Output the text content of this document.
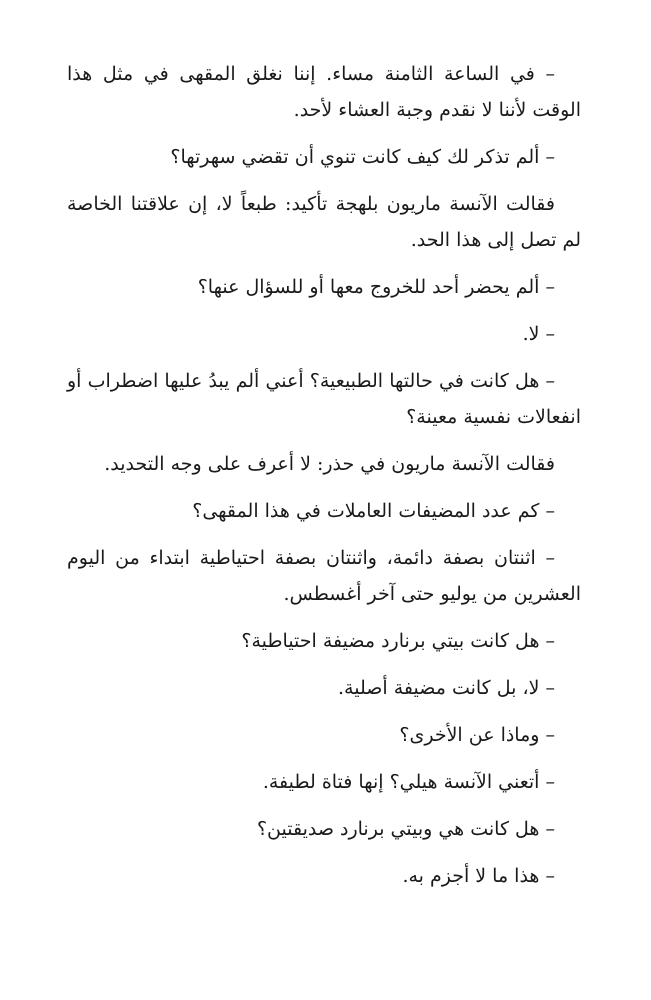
– في الساعة الثامنة مساء. إننا نغلق المقهى في مثل هذا الوقت لأننا لا نقدم وجبة العشاء لأحد.

– ألم تذكر لك كيف كانت تنوي أن تقضي سهرتها؟

فقالت الآنسة ماريون بلهجة تأكيد: طبعاً لا، إن علاقتنا الخاصة لم تصل إلى هذا الحد.

– ألم يحضر أحد للخروج معها أو للسؤال عنها؟

– لا.

– هل كانت في حالتها الطبيعية؟ أعني ألم يبدُ عليها اضطراب أو انفعالات نفسية معينة؟

فقالت الآنسة ماريون في حذر: لا أعرف على وجه التحديد.

– كم عدد المضيفات العاملات في هذا المقهى؟

– اثنتان بصفة دائمة، واثنتان بصفة احتياطية ابتداء من اليوم العشرين من يوليو حتى آخر أغسطس.

– هل كانت بيتي برنارد مضيفة احتياطية؟

– لا، بل كانت مضيفة أصلية.

– وماذا عن الأخرى؟

– أتعني الآنسة هيلي؟ إنها فتاة لطيفة.

– هل كانت هي وبيتي برنارد صديقتين؟

– هذا ما لا أجزم به.
